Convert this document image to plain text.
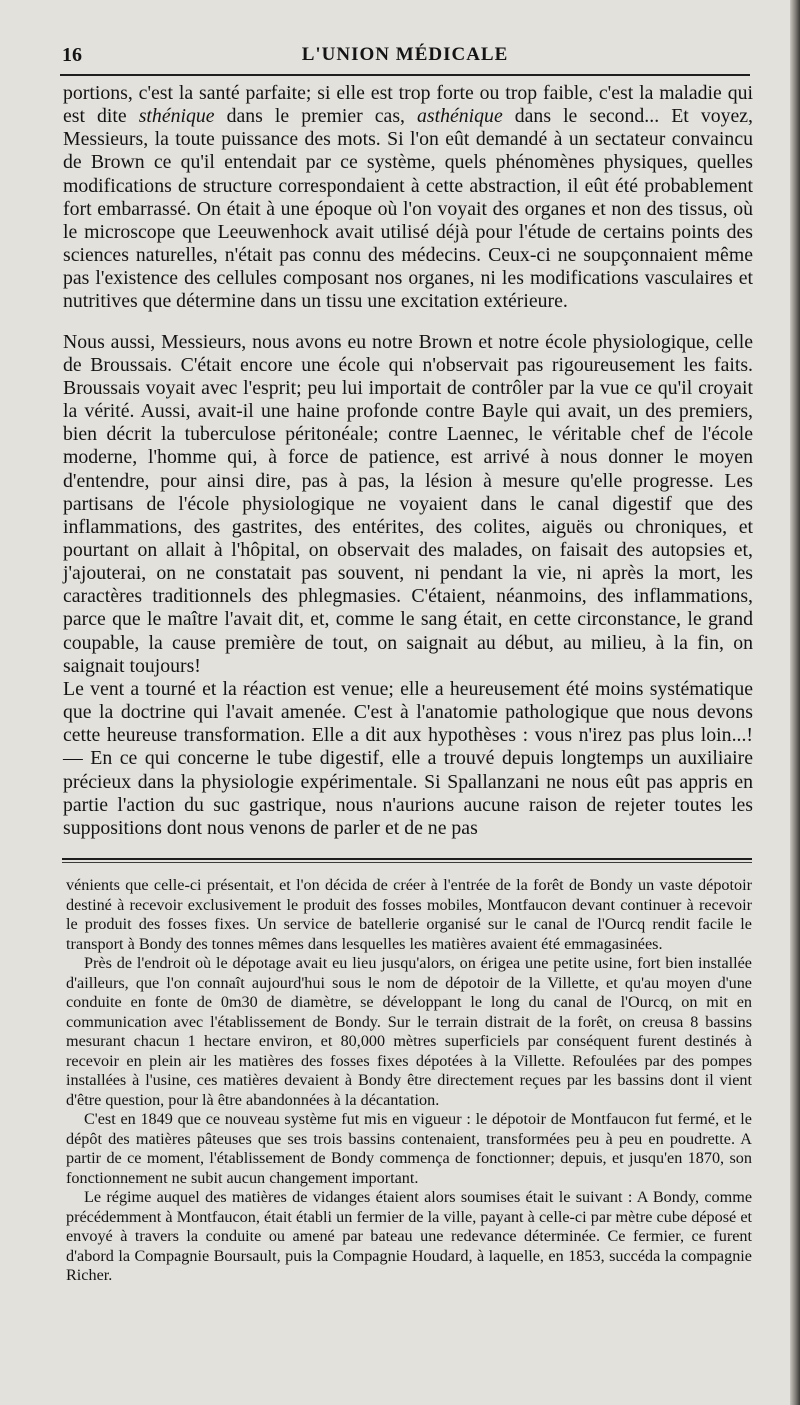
16	L'UNION MÉDICALE

portions, c'est la santé parfaite; si elle est trop forte ou trop faible, c'est la maladie qui est dite sthénique dans le premier cas, asthénique dans le second... Et voyez, Messieurs, la toute puissance des mots. Si l'on eût demandé à un sectateur convaincu de Brown ce qu'il entendait par ce système, quels phénomènes physiques, quelles modifications de structure correspondaient à cette abstraction, il eût été probablement fort embarrassé. On était à une époque où l'on voyait des organes et non des tissus, où le microscope que Leeuwenhock avait utilisé déjà pour l'étude de certains points des sciences naturelles, n'était pas connu des médecins. Ceux-ci ne soupçonnaient même pas l'existence des cellules composant nos organes, ni les modifications vasculaires et nutritives que détermine dans un tissu une excitation extérieure.

Nous aussi, Messieurs, nous avons eu notre Brown et notre école physiologique, celle de Broussais. C'était encore une école qui n'observait pas rigoureusement les faits. Broussais voyait avec l'esprit; peu lui importait de contrôler par la vue ce qu'il croyait la vérité. Aussi, avait-il une haine profonde contre Bayle qui avait, un des premiers, bien décrit la tuberculose péritonéale; contre Laennec, le véritable chef de l'école moderne, l'homme qui, à force de patience, est arrivé à nous donner le moyen d'entendre, pour ainsi dire, pas à pas, la lésion à mesure qu'elle progresse. Les partisans de l'école physiologique ne voyaient dans le canal digestif que des inflammations, des gastrites, des entérites, des colites, aiguës ou chroniques, et pourtant on allait à l'hôpital, on observait des malades, on faisait des autopsies et, j'ajouterai, on ne constatait pas souvent, ni pendant la vie, ni après la mort, les caractères traditionnels des phlegmasies. C'étaient, néanmoins, des inflammations, parce que le maître l'avait dit, et, comme le sang était, en cette circonstance, le grand coupable, la cause première de tout, on saignait au début, au milieu, à la fin, on saignait toujours!

Le vent a tourné et la réaction est venue; elle a heureusement été moins systématique que la doctrine qui l'avait amenée. C'est à l'anatomie pathologique que nous devons cette heureuse transformation. Elle a dit aux hypothèses : vous n'irez pas plus loin...! — En ce qui concerne le tube digestif, elle a trouvé depuis longtemps un auxiliaire précieux dans la physiologie expérimentale. Si Spallanzani ne nous eût pas appris en partie l'action du suc gastrique, nous n'aurions aucune raison de rejeter toutes les suppositions dont nous venons de parler et de ne pas

vénients que celle-ci présentait, et l'on décida de créer à l'entrée de la forêt de Bondy un vaste dépotoir destiné à recevoir exclusivement le produit des fosses mobiles, Montfaucon devant continuer à recevoir le produit des fosses fixes. Un service de batellerie organisé sur le canal de l'Ourcq rendit facile le transport à Bondy des tonnes mêmes dans lesquelles les matières avaient été emmagasinées.

Près de l'endroit où le dépotage avait eu lieu jusqu'alors, on érigea une petite usine, fort bien installée d'ailleurs, que l'on connaît aujourd'hui sous le nom de dépotoir de la Villette, et qu'au moyen d'une conduite en fonte de 0m30 de diamètre, se développant le long du canal de l'Ourcq, on mit en communication avec l'établissement de Bondy. Sur le terrain distrait de la forêt, on creusa 8 bassins mesurant chacun 1 hectare environ, et 80,000 mètres superficiels par conséquent furent destinés à recevoir en plein air les matières des fosses fixes dépotées à la Villette. Refoulées par des pompes installées à l'usine, ces matières devaient à Bondy être directement reçues par les bassins dont il vient d'être question, pour là être abandonnées à la décantation.

C'est en 1849 que ce nouveau système fut mis en vigueur : le dépotoir de Montfaucon fut fermé, et le dépôt des matières pâteuses que ses trois bassins contenaient, transformées peu à peu en poudrette. A partir de ce moment, l'établissement de Bondy commença de fonctionner; depuis, et jusqu'en 1870, son fonctionnement ne subit aucun changement important.

Le régime auquel des matières de vidanges étaient alors soumises était le suivant : A Bondy, comme précédemment à Montfaucon, était établi un fermier de la ville, payant à celle-ci par mètre cube déposé et envoyé à travers la conduite ou amené par bateau une redevance déterminée. Ce fermier, ce furent d'abord la Compagnie Boursault, puis la Compagnie Houdard, à laquelle, en 1853, succéda la compagnie Richer.
